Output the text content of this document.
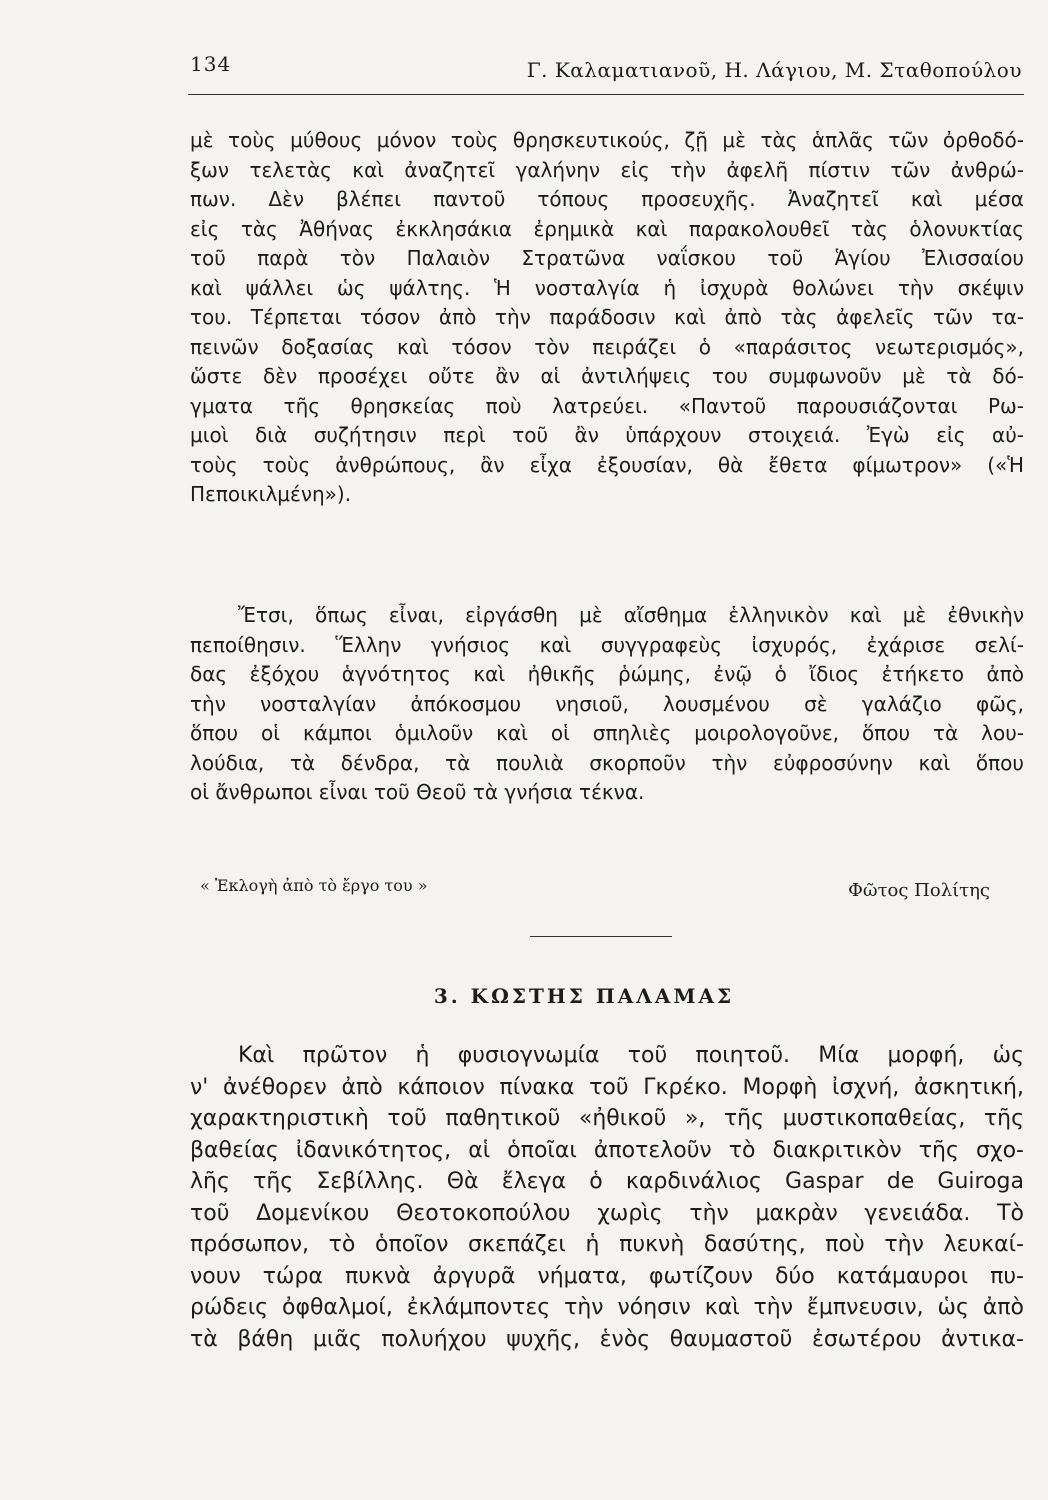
134	Γ. Καλαματιανοῦ, Η. Λάγιου, Μ. Σταθοπούλου
μὲ τοὺς μύθους μόνον τοὺς θρησκευτικούς, ζῇ μὲ τὰς ἁπλᾶς τῶν ὀρθοδό-
ξων τελετὰς καὶ ἀναζητεῖ γαλήνην εἰς τὴν ἀφελῆ πίστιν τῶν ἀνθρώ-
πων. Δὲν βλέπει παντοῦ τόπους προσευχῆς. Ἀναζητεῖ καὶ μέσα
εἰς τὰς Ἀθήνας ἐκκλησάκια ἐρημικὰ καὶ παρακολουθεῖ τὰς ὁλονυκτίας
τοῦ παρὰ τὸν Παλαιὸν Στρατῶνα ναΐσκου τοῦ Ἁγίου Ἐλισσαίου
καὶ ψάλλει ὡς ψάλτης. Ἡ νοσταλγία ἡ ἰσχυρὰ θολώνει τὴν σκέψιν
του. Τέρπεται τόσον ἀπὸ τὴν παράδοσιν καὶ ἀπὸ τὰς ἀφελεῖς τῶν τα-
πεινῶν δοξασίας καὶ τόσον τὸν πειράζει ὁ «παράσιτος νεωτερισμός»,
ὥστε δὲν προσέχει οὔτε ἂν αἱ ἀντιλήψεις του συμφωνοῦν μὲ τὰ δό-
γματα τῆς θρησκείας ποὺ λατρεύει. «Παντοῦ παρουσιάζονται Ρω-
μιοὶ διὰ συζήτησιν περὶ τοῦ ἂν ὑπάρχουν στοιχειά. Ἐγὼ εἰς αὐ-
τοὺς τοὺς ἀνθρώπους, ἂν εἶχα ἐξουσίαν, θὰ ἔθετα φίμωτρον» («Ἡ
Πεποικιλμένη»).
Ἔτσι, ὅπως εἶναι, εἰργάσθη μὲ αἴσθημα ἑλληνικὸν καὶ μὲ ἐθνικὴν
πεποίθησιν. Ἕλλην γνήσιος καὶ συγγραφεὺς ἰσχυρός, ἐχάρισε σελί-
δας ἐξόχου ἁγνότητος καὶ ἠθικῆς ῥώμης, ἐνῷ ὁ ἴδιος ἐτήκετο ἀπὸ
τὴν νοσταλγίαν ἀπόκοσμου νησιοῦ, λουσμένου σὲ γαλάζιο φῶς,
ὅπου οἱ κάμποι ὁμιλοῦν καὶ οἱ σπηλιὲς μοιρολογοῦνε, ὅπου τὰ λου-
λούδια, τὰ δένδρα, τὰ πουλιὰ σκορποῦν τὴν εὐφροσύνην καὶ ὅπου
οἱ ἄνθρωποι εἶναι τοῦ Θεοῦ τὰ γνήσια τέκνα.
« Ἐκλογὴ ἀπὸ τὸ ἔργο του »	Φῶτος Πολίτης
3. ΚΩΣΤΗΣ ΠΑΛΑΜΑΣ
Καὶ πρῶτον ἡ φυσιογνωμία τοῦ ποιητοῦ. Μία μορφή, ὡς
ν' ἀνέθορεν ἀπὸ κάποιον πίνακα τοῦ Γκρέκο. Μορφὴ ἰσχνή, ἀσκητική,
χαρακτηριστικὴ τοῦ παθητικοῦ «ἠθικοῦ », τῆς μυστικοπαθείας, τῆς
βαθείας ἰδανικότητος, αἱ ὁποῖαι ἀποτελοῦν τὸ διακριτικὸν τῆς σχο-
λῆς τῆς Σεβίλλης. Θὰ ἔλεγα ὁ καρδινάλιος Gaspar de Guiroga
τοῦ Δομενίκου Θεοτοκοπούλου χωρὶς τὴν μακρὰν γενειάδα. Τὸ
πρόσωπον, τὸ ὁποῖον σκεπάζει ἡ πυκνὴ δασύτης, ποὺ τὴν λευκαί-
νουν τώρα πυκνὰ ἀργυρᾶ νήματα, φωτίζουν δύο κατάμαυροι πυ-
ρώδεις ὀφθαλμοί, ἐκλάμποντες τὴν νόησιν καὶ τὴν ἔμπνευσιν, ὡς ἀπὸ
τὰ βάθη μιᾶς πολυήχου ψυχῆς, ἑνὸς θαυμαστοῦ ἐσωτέρου ἀντικα-
